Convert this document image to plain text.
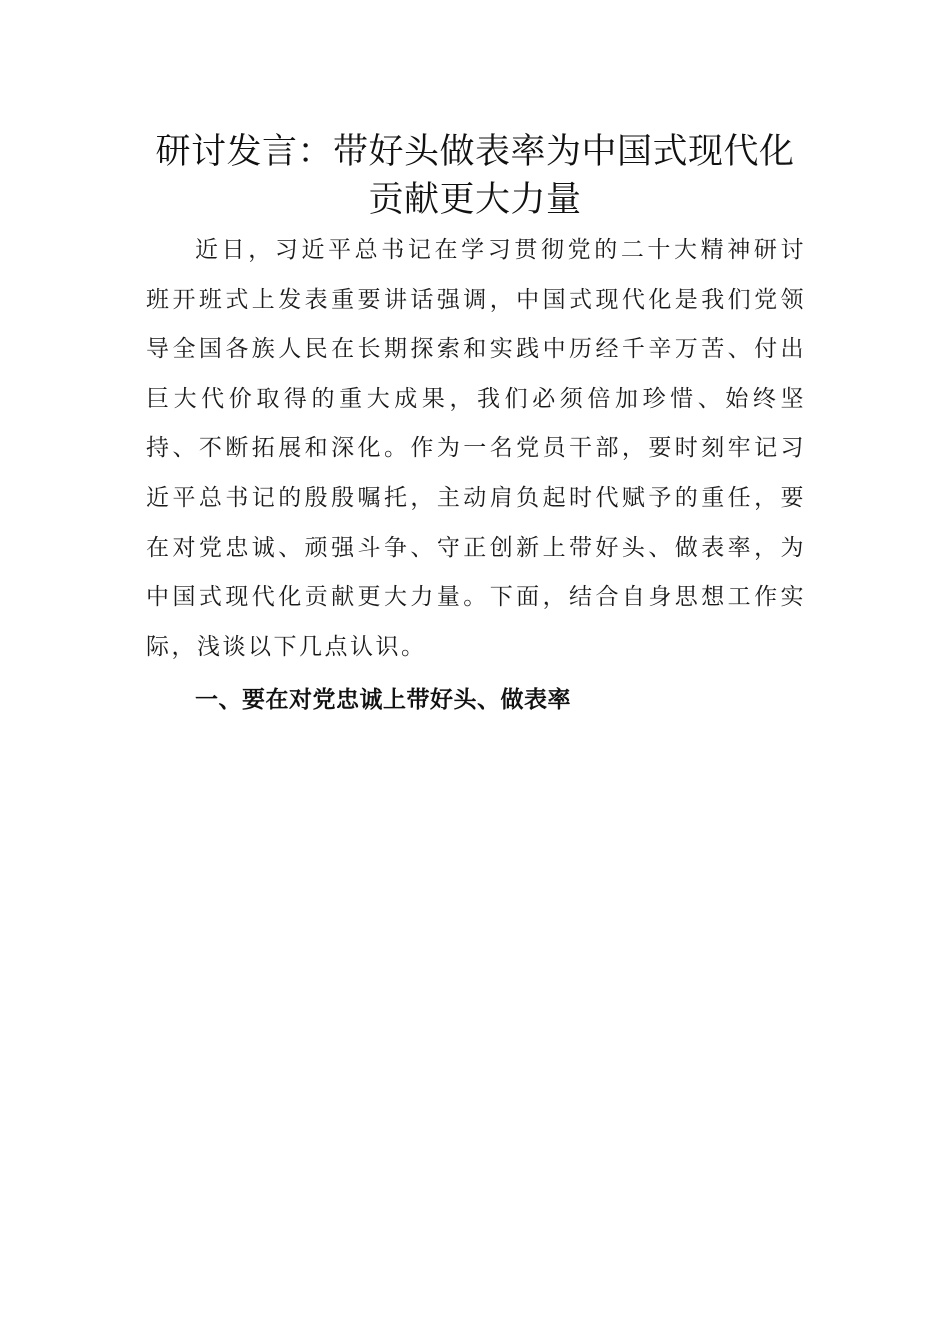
研讨发言：带好头做表率为中国式现代化贡献更大力量

近日，习近平总书记在学习贯彻党的二十大精神研讨班开班式上发表重要讲话强调，中国式现代化是我们党领导全国各族人民在长期探索和实践中历经千辛万苦、付出巨大代价取得的重大成果，我们必须倍加珍惜、始终坚持、不断拓展和深化。作为一名党员干部，要时刻牢记习近平总书记的殷殷嘱托，主动肩负起时代赋予的重任，要在对党忠诚、顽强斗争、守正创新上带好头、做表率，为中国式现代化贡献更大力量。下面，结合自身思想工作实际，浅谈以下几点认识。

一、要在对党忠诚上带好头、做表率
